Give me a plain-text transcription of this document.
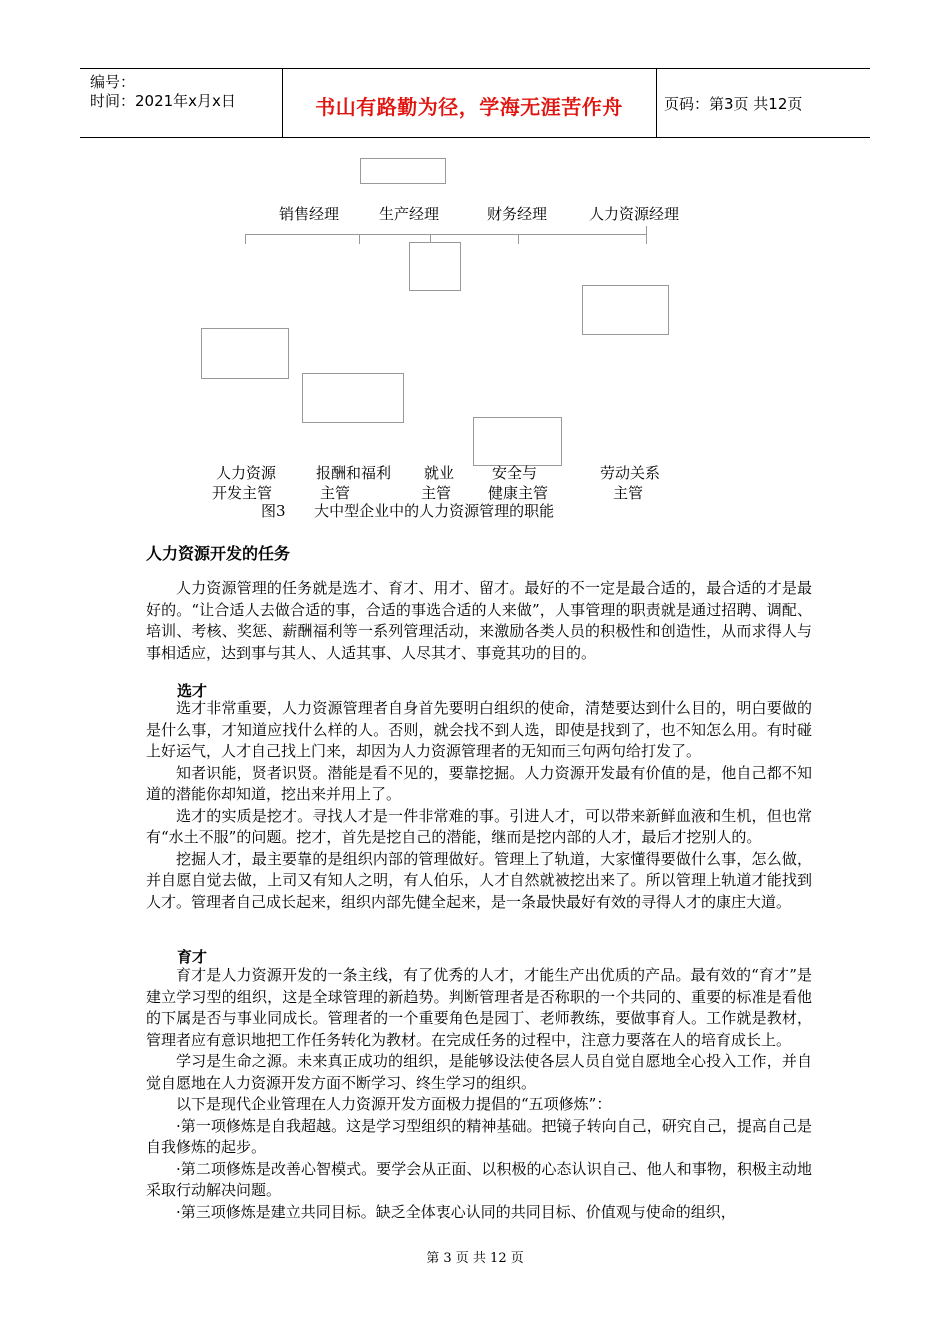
编号：
时间：2021年x月x日	书山有路勤为径，学海无涯苦作舟	页码：第3页 共12页
销售经理	生产经理	财务经理	人力资源经理
人力资源
开发主管
报酬和福利
主管
就业
主管
安全与
健康主管
劳动关系
主管
图3      大中型企业中的人力资源管理的职能
人力资源开发的任务

人力资源管理的任务就是选才、育才、用才、留才。最好的不一定是最合适的，最合适的才是最好的。“让合适人去做合适的事，合适的事选合适的人来做”，人事管理的职责就是通过招聘、调配、培训、考核、奖惩、薪酬福利等一系列管理活动，来激励各类人员的积极性和创造性，从而求得人与事相适应，达到事与其人、人适其事、人尽其才、事竟其功的目的。

选才

选才非常重要，人力资源管理者自身首先要明白组织的使命，清楚要达到什么目的，明白要做的是什么事，才知道应找什么样的人。否则，就会找不到人选，即使是找到了，也不知怎么用。有时碰上好运气，人才自己找上门来，却因为人力资源管理者的无知而三句两句给打发了。

知者识能，贤者识贤。潜能是看不见的，要靠挖掘。人力资源开发最有价值的是，他自己都不知道的潜能你却知道，挖出来并用上了。

选才的实质是挖才。寻找人才是一件非常难的事。引进人才，可以带来新鲜血液和生机，但也常有“水土不服”的问题。挖才，首先是挖自己的潜能，继而是挖内部的人才，最后才挖别人的。

挖掘人才，最主要靠的是组织内部的管理做好。管理上了轨道，大家懂得要做什么事，怎么做，并自愿自觉去做，上司又有知人之明，有人伯乐，人才自然就被挖出来了。所以管理上轨道才能找到人才。管理者自己成长起来，组织内部先健全起来，是一条最快最好有效的寻得人才的康庄大道。

育才

育才是人力资源开发的一条主线，有了优秀的人才，才能生产出优质的产品。最有效的“育才”是建立学习型的组织，这是全球管理的新趋势。判断管理者是否称职的一个共同的、重要的标准是看他的下属是否与事业同成长。管理者的一个重要角色是园丁、老师教练，要做事育人。工作就是教材，管理者应有意识地把工作任务转化为教材。在完成任务的过程中，注意力要落在人的培育成长上。

学习是生命之源。未来真正成功的组织，是能够设法使各层人员自觉自愿地全心投入工作，并自觉自愿地在人力资源开发方面不断学习、终生学习的组织。

以下是现代企业管理在人力资源开发方面极力提倡的“五项修炼”：

·第一项修炼是自我超越。这是学习型组织的精神基础。把镜子转向自己，研究自己，提高自己是自我修炼的起步。

·第二项修炼是改善心智模式。要学会从正面、以积极的心态认识自己、他人和事物，积极主动地采取行动解决问题。

·第三项修炼是建立共同目标。缺乏全体衷心认同的共同目标、价值观与使命的组织，

第 3 页 共 12 页
